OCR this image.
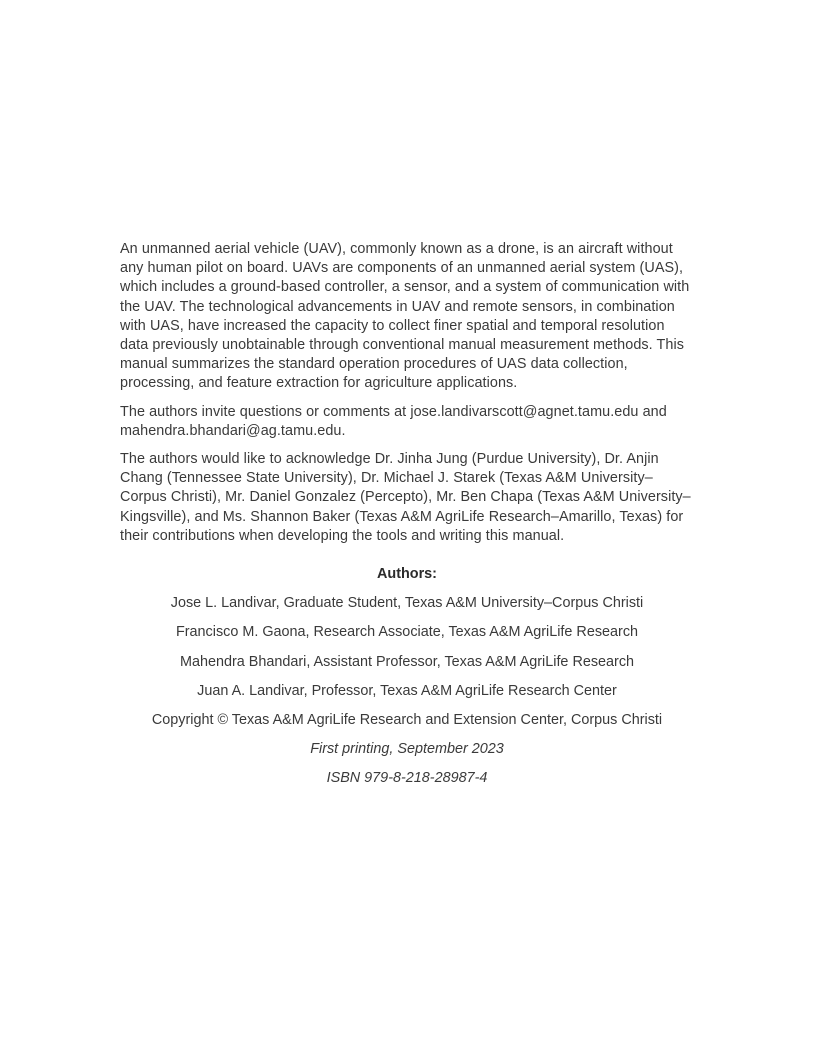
An unmanned aerial vehicle (UAV), commonly known as a drone, is an aircraft without any human pilot on board. UAVs are components of an unmanned aerial system (UAS), which includes a ground-based controller, a sensor, and a system of communication with the UAV. The technological advancements in UAV and remote sensors, in combination with UAS, have increased the capacity to collect finer spatial and temporal resolution data previously unobtainable through conventional manual measurement methods. This manual summarizes the standard operation procedures of UAS data collection, processing, and feature extraction for agriculture applications.

The authors invite questions or comments at jose.landivarscott@agnet.tamu.edu and mahendra.bhandari@ag.tamu.edu.

The authors would like to acknowledge Dr. Jinha Jung (Purdue University), Dr. Anjin Chang (Tennessee State University), Dr. Michael J. Starek (Texas A&M University–Corpus Christi), Mr. Daniel Gonzalez (Percepto), Mr. Ben Chapa (Texas A&M University–Kingsville), and Ms. Shannon Baker (Texas A&M AgriLife Research–Amarillo, Texas) for their contributions when developing the tools and writing this manual.

Authors:

Jose L. Landivar, Graduate Student, Texas A&M University–Corpus Christi

Francisco M. Gaona, Research Associate, Texas A&M AgriLife Research

Mahendra Bhandari, Assistant Professor, Texas A&M AgriLife Research

Juan A. Landivar, Professor, Texas A&M AgriLife Research Center

Copyright © Texas A&M AgriLife Research and Extension Center, Corpus Christi

First printing, September 2023

ISBN 979-8-218-28987-4
